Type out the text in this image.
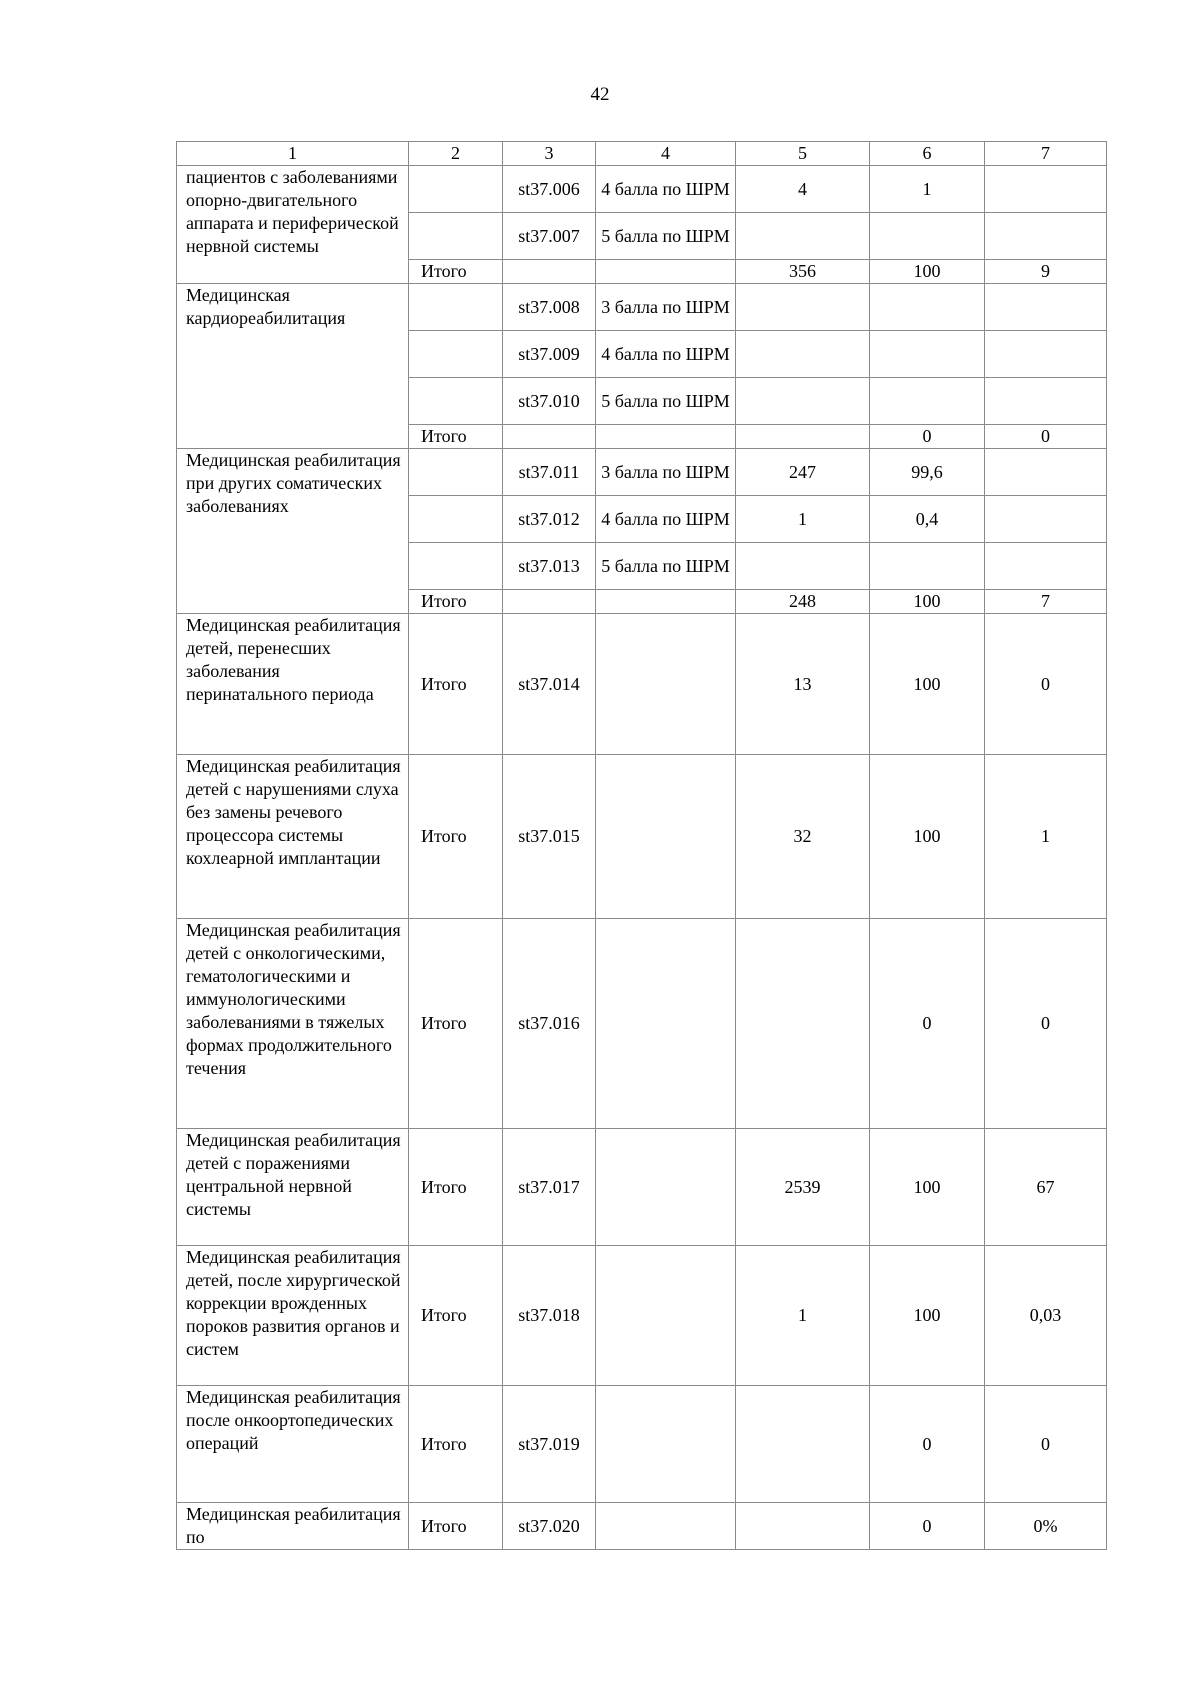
42
1	2	3	4	5	6	7
пациентов с заболеваниями опорно-двигательного аппарата и периферической нервной системы		st37.006	4 балла по ШРМ	4	1	
		st37.007	5 балла по ШРМ			
	Итого			356	100	9
Медицинская кардиореабилитация		st37.008	3 балла по ШРМ			
		st37.009	4 балла по ШРМ			
		st37.010	5 балла по ШРМ			
	Итого				0	0
Медицинская реабилитация при других соматических заболеваниях		st37.011	3 балла по ШРМ	247	99,6	
		st37.012	4 балла по ШРМ	1	0,4	
		st37.013	5 балла по ШРМ			
	Итого			248	100	7
Медицинская реабилитация детей, перенесших заболевания перинатального периода	Итого	st37.014		13	100	0
Медицинская реабилитация детей с нарушениями слуха без замены речевого процессора системы кохлеарной имплантации	Итого	st37.015		32	100	1
Медицинская реабилитация детей с онкологическими, гематологическими и иммунологическими заболеваниями в тяжелых формах продолжительного течения	Итого	st37.016			0	0
Медицинская реабилитация детей с поражениями центральной нервной системы	Итого	st37.017		2539	100	67
Медицинская реабилитация детей, после хирургической коррекции врожденных пороков развития органов и систем	Итого	st37.018		1	100	0,03
Медицинская реабилитация после онкоортопедических операций	Итого	st37.019			0	0
Медицинская реабилитация по	Итого	st37.020			0	0%
